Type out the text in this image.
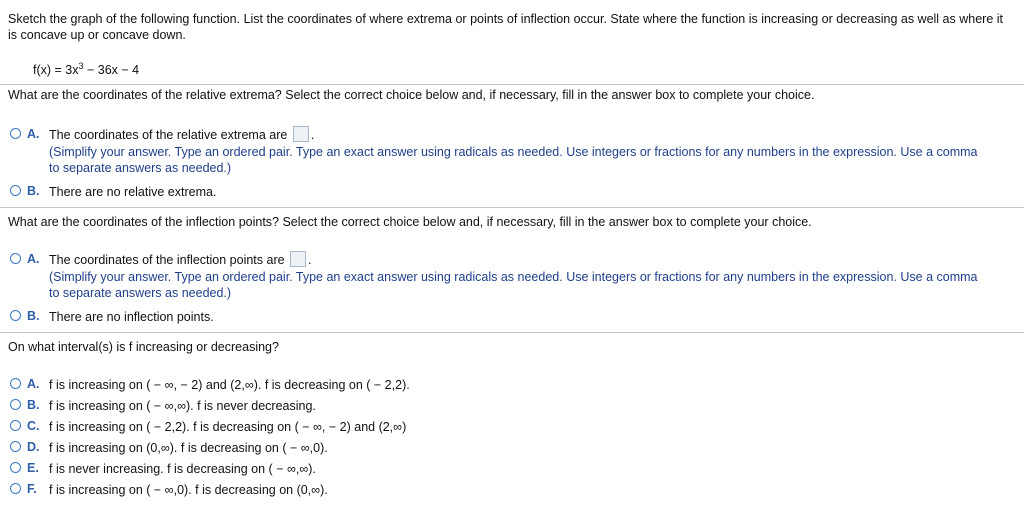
Sketch the graph of the following function. List the coordinates of where extrema or points of inflection occur. State where the function is increasing or decreasing as well as where it is concave up or concave down.
$f(x) = 3x^3 - 36x - 4$
What are the coordinates of the relative extrema? Select the correct choice below and, if necessary, fill in the answer box to complete your choice.
A. The coordinates of the relative extrema are .
(Simplify your answer. Type an ordered pair. Type an exact answer using radicals as needed. Use integers or fractions for any numbers in the expression. Use a comma to separate answers as needed.)
B. There are no relative extrema.
What are the coordinates of the inflection points? Select the correct choice below and, if necessary, fill in the answer box to complete your choice.
A. The coordinates of the inflection points are .
(Simplify your answer. Type an ordered pair. Type an exact answer using radicals as needed. Use integers or fractions for any numbers in the expression. Use a comma to separate answers as needed.)
B. There are no inflection points.
On what interval(s) is f increasing or decreasing?
A. f is increasing on ( − ∞, − 2) and (2,∞). f is decreasing on ( − 2,2).
B. f is increasing on ( − ∞,∞). f is never decreasing.
C. f is increasing on ( − 2,2). f is decreasing on ( − ∞, − 2) and (2,∞)
D. f is increasing on (0,∞). f is decreasing on ( − ∞,0).
E. f is never increasing. f is decreasing on ( − ∞,∞).
F. f is increasing on ( − ∞,0). f is decreasing on (0,∞).
